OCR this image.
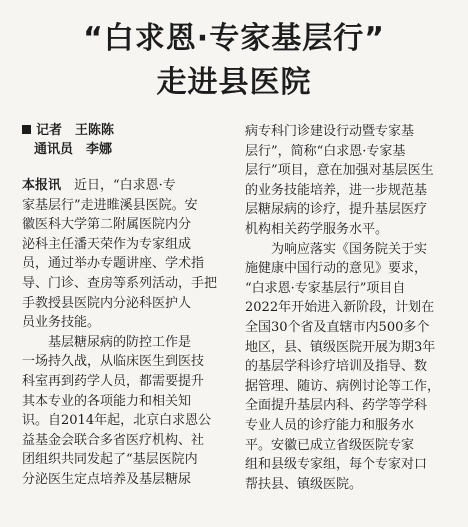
“白求恩·专家基层行”
走进县医院
记者　王陈陈
通讯员　李娜
本报讯　近日，“白求恩·专
家基层行”走进睢溪县医院。安
徽医科大学第二附属医院内分
泌科主任潘天荣作为专家组成
员，通过举办专题讲座、学术指
导、门诊、查房等系列活动，手把
手教授县医院内分泌科医护人
员业务技能。
　　基层糖尿病的防控工作是
一场持久战，从临床医生到医技
科室再到药学人员，都需要提升
其本专业的各项能力和相关知
识。自2014年起，北京白求恩公
益基金会联合多省医疗机构、社
团组织共同发起了“基层医院内
分泌医生定点培养及基层糖尿
病专科门诊建设行动暨专家基
层行”，简称“白求恩·专家基
层行”项目，意在加强对基层医生
的业务技能培养，进一步规范基
层糖尿病的诊疗，提升基层医疗
机构相关药学服务水平。
　　为响应落实《国务院关于实
施健康中国行动的意见》要求，
“白求恩·专家基层行”项目自
2022年开始进入新阶段，计划在
全国30个省及直辖市内500多个
地区，县、镇级医院开展为期3年
的基层学科诊疗培训及指导、数
据管理、随访、病例讨论等工作，
全面提升基层内科、药学等学科
专业人员的诊疗能力和服务水
平。安徽已成立省级医院专家
组和县级专家组，每个专家对口
帮扶县、镇级医院。
